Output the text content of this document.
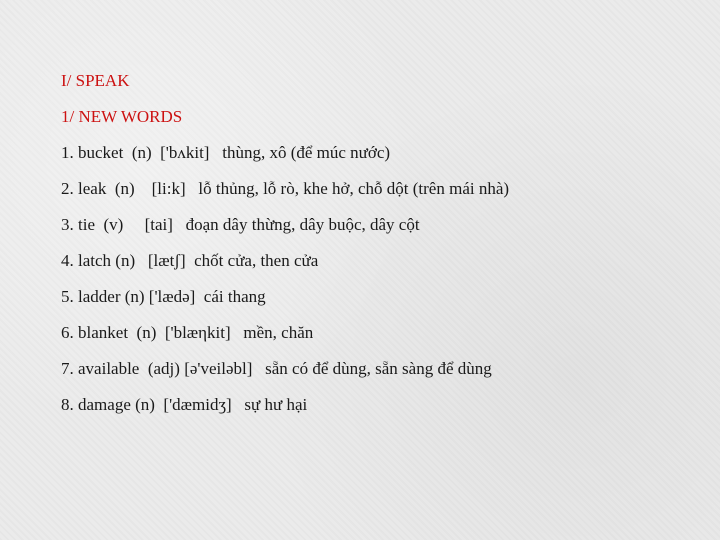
I/ SPEAK
1/ NEW WORDS
1. bucket  (n)  ['bʌkit]   thùng, xô (để múc nước)
2. leak  (n)    [li:k]   lỗ thủng, lỗ rò, khe hở, chỗ dột (trên mái nhà)
3. tie  (v)     [tai]   đoạn dây thừng, dây buộc, dây cột
4. latch (n)   [lætʃ]  chốt cửa, then cửa
5. ladder (n) ['lædə]  cái thang
6. blanket  (n)  ['blæηkit]   mền, chăn
7. available  (adj) [ə'veiləbl]   sẵn có để dùng, sẵn sàng để dùng
8. damage (n)  ['dæmidʒ]   sự hư hại
